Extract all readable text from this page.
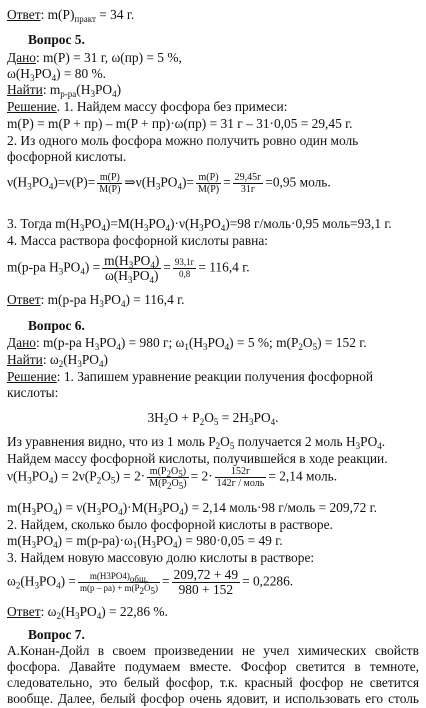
Ответ: $m(P)_{практ} = 34$ г.
Вопрос 5.
Дано: m(P) = 31 г, ω(пр) = 5 %,
$\omega(H_3PO_4) = 80$ %.
Найти: $m_{р-ра}(H_3PO_4)$
Решение. 1. Найдем массу фосфора без примеси:
m(P) = m(P + пр) – m(P + пр)·ω(пр) = 31 г – 31·0,05 = 29,45 г.
2. Из одного моль фосфора можно получить ровно один моль
фосфорной кислоты.
$\nu(H_3PO_4)=\nu(P)= \frac{m(P)}{M(P)}$ $\Rightarrow\nu(H_3PO_4)= \frac{m(P)}{M(P)} = \frac{29,45г}{31г} =0,95$ моль.
3. Тогда $m(H_3PO_4)=M(H_3PO_4)\cdot\nu(H_3PO_4)=98$ г/моль·0,95 моль=93,1 г.
4. Масса раствора фосфорной кислоты равна:
m(р-ра $H_3PO_4) = \frac{m(H_3PO_4)}{\omega(H_3PO_4)} = \frac{93,1г}{0,8} = 116,4$ г.
Ответ: m(р-ра $H_3PO_4) = 116,4$ г.
Вопрос 6.
Дано: m(р-ра $H_3PO_4) = 980$ г; $\omega_1(H_3PO_4) = 5$ %; $m(P_2O_5) = 152$ г.
Найти: $\omega_2(H_3PO_4)$
Решение: 1. Запишем уравнение реакции получения фосфорной
кислоты:
$3H_2O + P_2O_5 = 2H_3PO_4$.
Из уравнения видно, что из 1 моль $P_2O_5$ получается 2 моль $H_3PO_4$.
Найдем массу фосфорной кислоты, получившейся в ходе реакции.
$\nu(H_3PO_4) = 2\nu(P_2O_5) = 2\cdot \frac{m(P_2O_5)}{M(P_2O_5)} = 2\cdot \frac{152г}{\text{142г / моль}} = 2,14$ моль.
$m(H_3PO_4) = \nu(H_3PO_4)\cdot M(H_3PO_4) = 2,14$ моль·98 г/моль = 209,72 г.
2. Найдем, сколько было фосфорной кислоты в растворе.
$m(H_3PO_4) = m(р-ра)\cdot\omega_1(H_3PO_4) = 980\cdot 0,05 = 49$ г.
3. Найдем новую массовую долю кислоты в растворе:
$\omega_2(H_3PO_4) = \frac{m(H3PO4)_{общ.}}{m(р - ра) + m(P_2O_5)} = \frac{209,72 + 49}{980 + 152} = 0,2286$.
Ответ: $\omega_2(H_3PO_4) = 22,86$ %.
Вопрос 7.
А.Конан-Дойл в своем произведении не учел химических свойств
фосфора. Давайте подумаем вместе. Фосфор светится в темноте,
следовательно, это белый фосфор, т.к. красный фосфор не светится
вообще. Далее, белый фосфор очень ядовит, и использовать его столь
